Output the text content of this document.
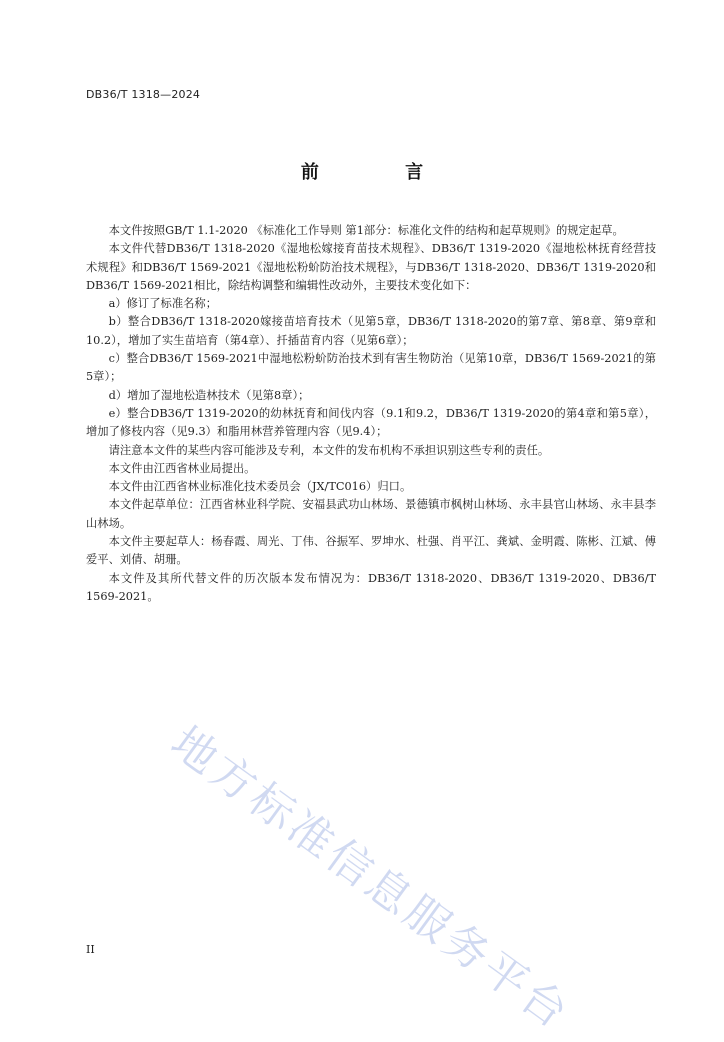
DB36/T 1318—2024
前 言

本文件按照GB/T 1.1-2020 《标准化工作导则 第1部分：标准化文件的结构和起草规则》的规定起草。

本文件代替DB36/T 1318-2020《湿地松嫁接育苗技术规程》、DB36/T 1319-2020《湿地松林抚育经营技术规程》和DB36/T 1569-2021《湿地松粉蚧防治技术规程》，与DB36/T 1318-2020、DB36/T 1319-2020和DB36/T 1569-2021相比，除结构调整和编辑性改动外，主要技术变化如下：

a）修订了标准名称；

b）整合DB36/T 1318-2020嫁接苗培育技术（见第5章，DB36/T 1318-2020的第7章、第8章、第9章和10.2），增加了实生苗培育（第4章）、扦插苗育内容（见第6章）；

c）整合DB36/T 1569-2021中湿地松粉蚧防治技术到有害生物防治（见第10章，DB36/T 1569-2021的第5章）；

d）增加了湿地松造林技术（见第8章）；

e）整合DB36/T 1319-2020的幼林抚育和间伐内容（9.1和9.2，DB36/T 1319-2020的第4章和第5章），增加了修枝内容（见9.3）和脂用林营养管理内容（见9.4）；

请注意本文件的某些内容可能涉及专利，本文件的发布机构不承担识别这些专利的责任。

本文件由江西省林业局提出。

本文件由江西省林业标准化技术委员会（JX/TC016）归口。

本文件起草单位：江西省林业科学院、安福县武功山林场、景德镇市枫树山林场、永丰县官山林场、永丰县李山林场。

本文件主要起草人：杨春霞、周光、丁伟、谷振军、罗坤水、杜强、肖平江、龚斌、金明霞、陈彬、江斌、傅爱平、刘倩、胡珊。

本文件及其所代替文件的历次版本发布情况为：DB36/T 1318-2020、DB36/T 1319-2020、DB36/T 1569-2021。

地方标准信息服务平台
II
